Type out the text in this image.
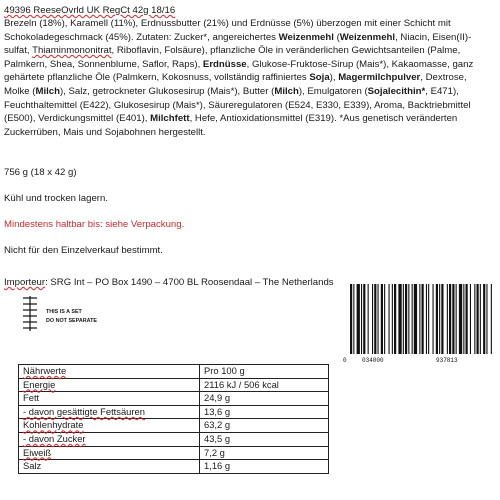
49396 ReeseOvrld UK RegCt 42g 18/16

Brezeln (18%), Karamell (11%), Erdnussbutter (21%) und Erdnüsse (5%) überzogen mit einer Schicht mit Schokoladegeschmack (45%). Zutaten: Zucker*, angereichertes Weizenmehl (Weizenmehl, Niacin, Eisen(II)-sulfat, Thiaminmononitrat, Riboflavin, Folsäure), pflanzliche Öle in veränderlichen Gewichtsanteilen (Palme, Palmkern, Shea, Sonnenblume, Saflor, Raps), Erdnüsse, Glukose-Fruktose-Sirup (Mais*), Kakaomasse, ganz gehärtete pflanzliche Öle (Palmkern, Kokosnuss, vollständig raffiniertes Soja), Magermilchpulver, Dextrose, Molke (Milch), Salz, getrockneter Glukosesirup (Mais*), Butter (Milch), Emulgatoren (Sojalecithin*, E471), Feuchthaltemittel (E422), Glukosesirup (Mais*), Säureregulatoren (E524, E330, E339), Aroma, Backtriebmittel (E500), Verdickungsmittel (E401), Milchfett, Hefe, Antioxidationsmittel (E319). *Aus genetisch veränderten Zuckerrüben, Mais und Sojabohnen hergestellt.

756 g (18 x 42 g)

Kühl und trocken lagern.

Mindestens haltbar bis: siehe Verpackung.

Nicht für den Einzelverkauf bestimmt.

Importeur: SRG Int – PO Box 1490 – 4700 BL Roosendaal – The Netherlands
THIS IS A SET
DO NOT SEPARATE
0	034000	937813
Nährwerte	Pro 100 g
Energie	2116 kJ / 506 kcal
Fett	24,9 g
- davon gesättigte Fettsäuren	13,6 g
Kohlenhydrate	63,2 g
- davon Zucker	43,5 g
Eiweiß	7,2 g
Salz	1,16 g
